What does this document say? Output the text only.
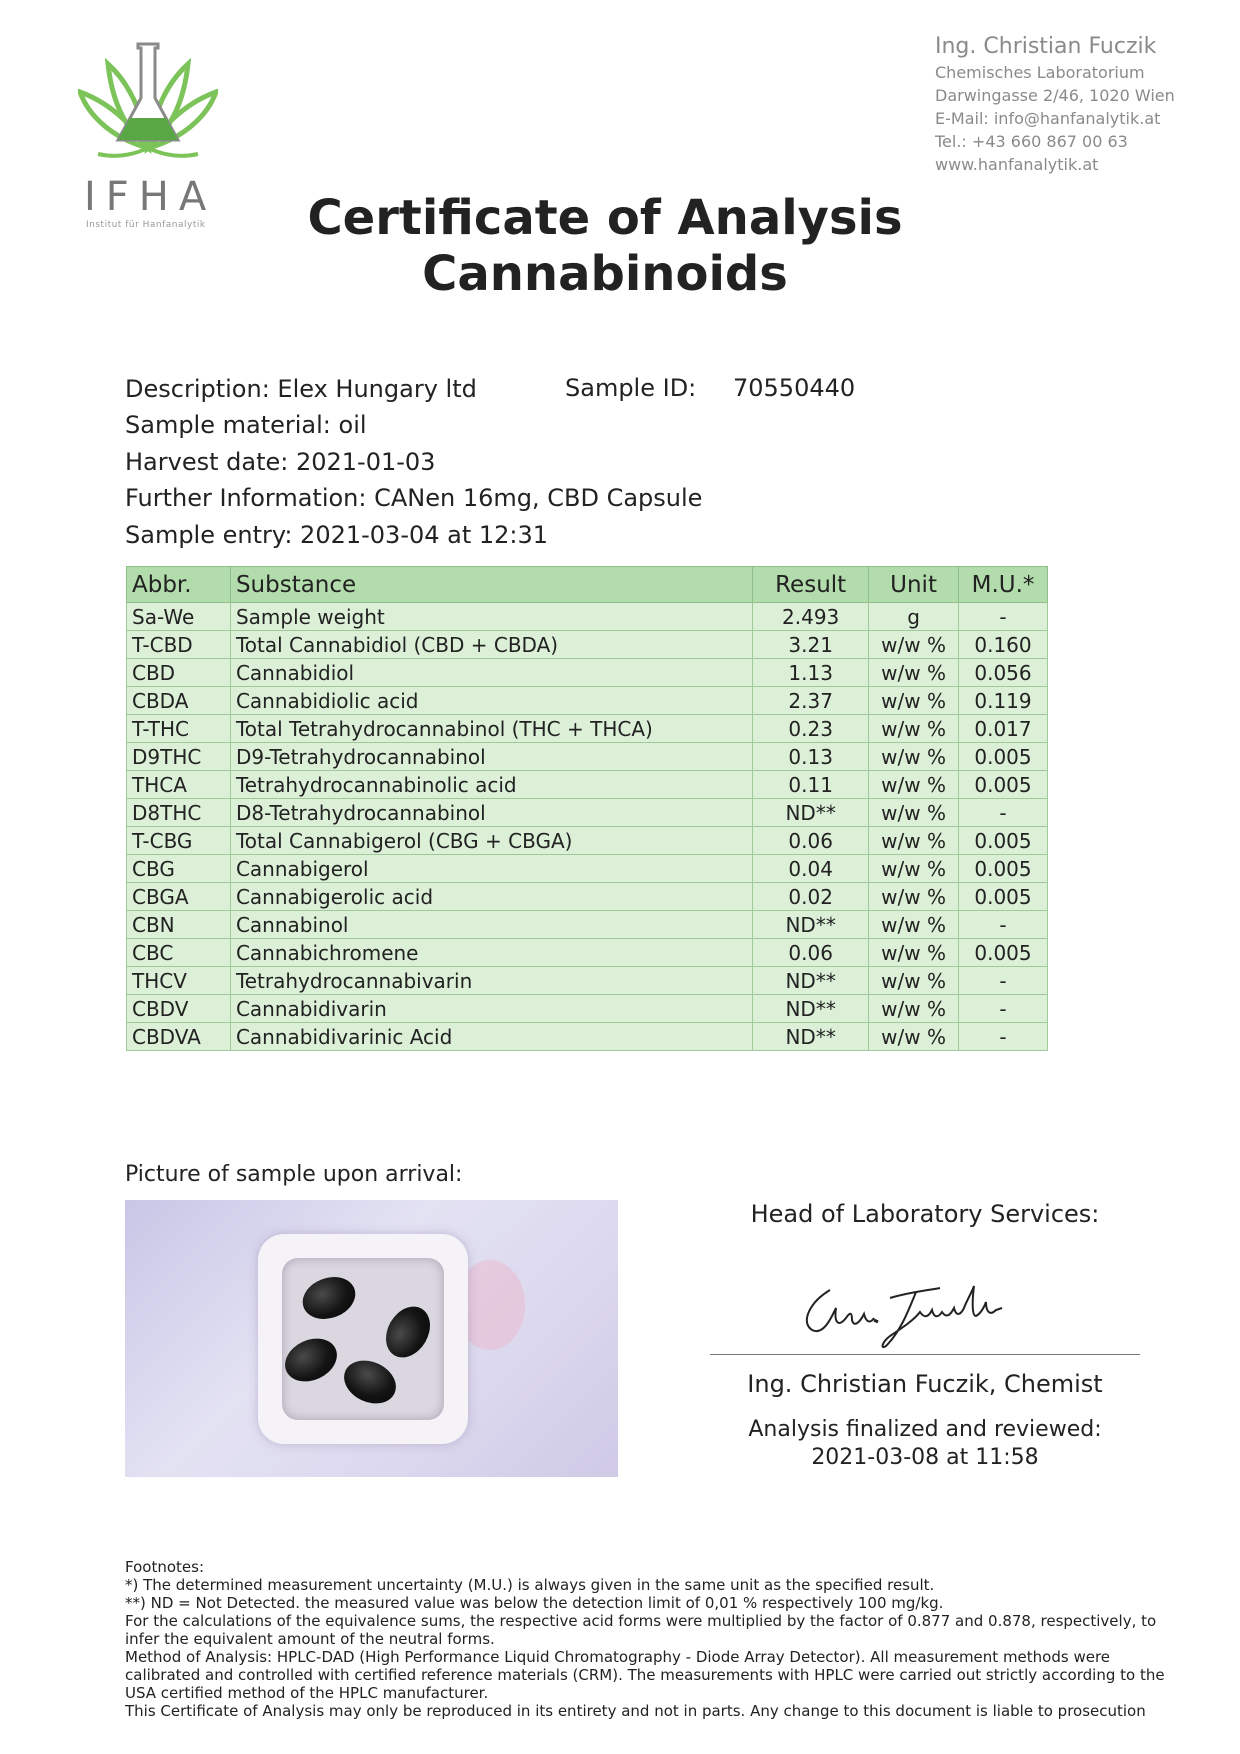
IFHA
Institut für Hanfanalytik
Ing. Christian Fuczik
Chemisches Laboratorium
Darwingasse 2/46, 1020 Wien
E-Mail: info@hanfanalytik.at
Tel.: +43 660 867 00 63
www.hanfanalytik.at
Certificate of Analysis
Cannabinoids
Description: Elex Hungary ltd	Sample ID: 70550440
Sample material: oil
Harvest date: 2021-01-03
Further Information: CANen 16mg, CBD Capsule
Sample entry: 2021-03-04 at 12:31
Abbr.	Substance	Result	Unit	M.U.*
Sa-We	Sample weight	2.493	g	-
T-CBD	Total Cannabidiol (CBD + CBDA)	3.21	w/w %	0.160
CBD	Cannabidiol	1.13	w/w %	0.056
CBDA	Cannabidiolic acid	2.37	w/w %	0.119
T-THC	Total Tetrahydrocannabinol (THC + THCA)	0.23	w/w %	0.017
D9THC	D9-Tetrahydrocannabinol	0.13	w/w %	0.005
THCA	Tetrahydrocannabinolic acid	0.11	w/w %	0.005
D8THC	D8-Tetrahydrocannabinol	ND**	w/w %	-
T-CBG	Total Cannabigerol (CBG + CBGA)	0.06	w/w %	0.005
CBG	Cannabigerol	0.04	w/w %	0.005
CBGA	Cannabigerolic acid	0.02	w/w %	0.005
CBN	Cannabinol	ND**	w/w %	-
CBC	Cannabichromene	0.06	w/w %	0.005
THCV	Tetrahydrocannabivarin	ND**	w/w %	-
CBDV	Cannabidivarin	ND**	w/w %	-
CBDVA	Cannabidivarinic Acid	ND**	w/w %	-
Picture of sample upon arrival:
Head of Laboratory Services:
Ing. Christian Fuczik, Chemist
Analysis finalized and reviewed:
2021-03-08 at 11:58
Footnotes:
*) The determined measurement uncertainty (M.U.) is always given in the same unit as the specified result.
**) ND = Not Detected. the measured value was below the detection limit of 0,01 % respectively 100 mg/kg.
For the calculations of the equivalence sums, the respective acid forms were multiplied by the factor of 0.877 and 0.878, respectively, to infer the equivalent amount of the neutral forms.
Method of Analysis: HPLC-DAD (High Performance Liquid Chromatography - Diode Array Detector). All measurement methods were calibrated and controlled with certified reference materials (CRM). The measurements with HPLC were carried out strictly according to the USA certified method of the HPLC manufacturer.
This Certificate of Analysis may only be reproduced in its entirety and not in parts. Any change to this document is liable to prosecution
